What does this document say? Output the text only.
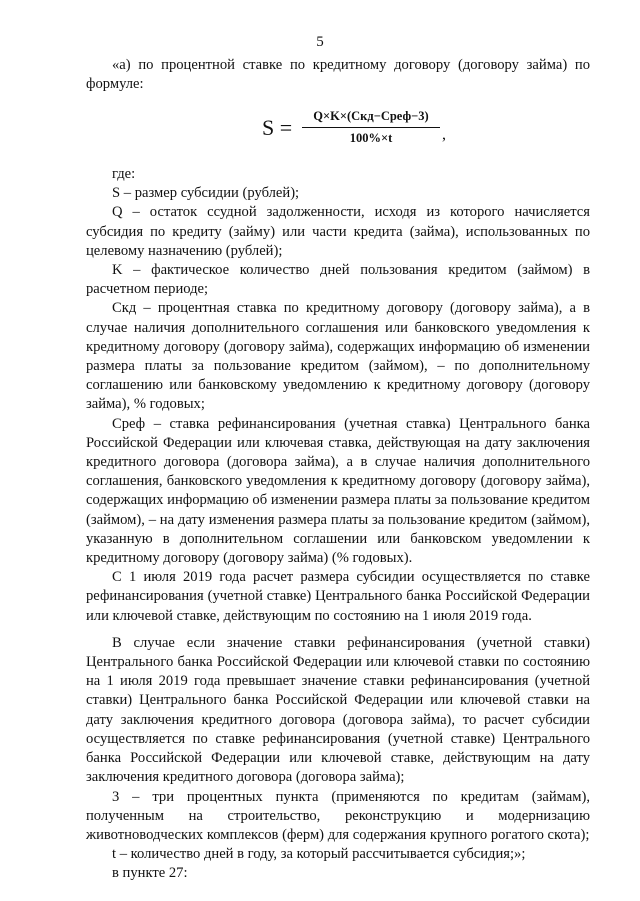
5

«а) по процентной ставке по кредитному договору (договору займа) по формуле:

S =	Q×K×(Cкд−Cреф−3)
100%×t	,

где:

S – размер субсидии (рублей);

Q – остаток ссудной задолженности, исходя из которого начисляется субсидия по кредиту (займу) или части кредита (займа), использованных по целевому назначению (рублей);

K – фактическое количество дней пользования кредитом (займом) в расчетном периоде;

Cкд – процентная ставка по кредитному договору (договору займа), а в случае наличия дополнительного соглашения или банковского уведомления к кредитному договору (договору займа), содержащих информацию об изменении размера платы за пользование кредитом (займом), – по дополнительному соглашению или банковскому уведомлению к кредитному договору (договору займа), % годовых;

Cреф – ставка рефинансирования (учетная ставка) Центрального банка Российской Федерации или ключевая ставка, действующая на дату заключения кредитного договора (договора займа), а в случае наличия дополнительного соглашения, банковского уведомления к кредитному договору (договору займа), содержащих информацию об изменении размера платы за пользование кредитом (займом), – на дату изменения размера платы за пользование кредитом (займом), указанную в дополнительном соглашении или банковском уведомлении к кредитному договору (договору займа) (% годовых).

С 1 июля 2019 года расчет размера субсидии осуществляется по ставке рефинансирования (учетной ставке) Центрального банка Российской Федерации или ключевой ставке, действующим по состоянию на 1 июля 2019 года.

В случае если значение ставки рефинансирования (учетной ставки) Центрального банка Российской Федерации или ключевой ставки по состоянию на 1 июля 2019 года превышает значение ставки рефинансирования (учетной ставки) Центрального банка Российской Федерации или ключевой ставки на дату заключения кредитного договора (договора займа), то расчет субсидии осуществляется по ставке рефинансирования (учетной ставке) Центрального банка Российской Федерации или ключевой ставке, действующим на дату заключения кредитного договора (договора займа);

3 – три процентных пункта (применяются по кредитам (займам), полученным на строительство, реконструкцию и модернизацию животноводческих комплексов (ферм) для содержания крупного рогатого скота);

t – количество дней в году, за который рассчитывается субсидия;»;

в пункте 27:
